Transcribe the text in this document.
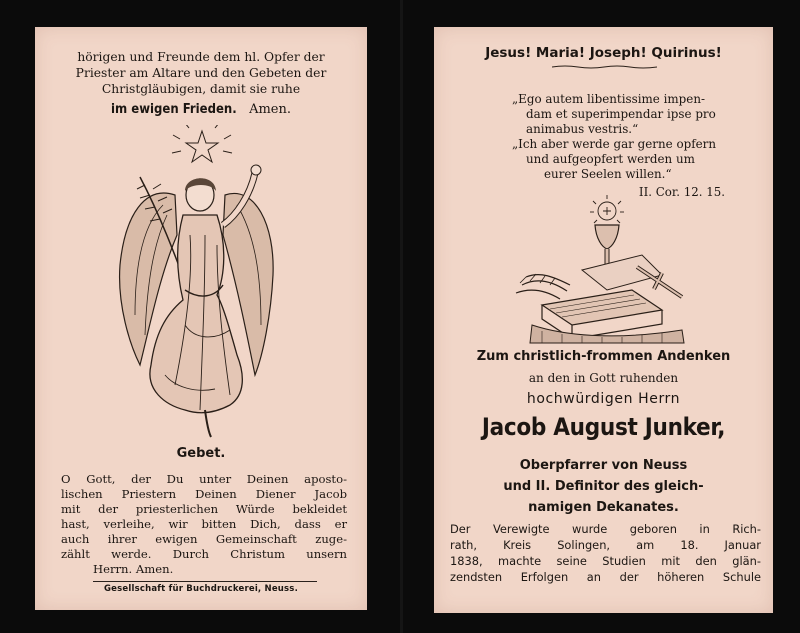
hörigen und Freunde dem hl. Opfer der
Priester am Altare und den Gebeten der
Christgläubigen, damit sie ruhe
im ewigen Frieden. Amen.
Gebet.
O Gott, der Du unter Deinen aposto-
lischen Priestern Deinen Diener Jacob
mit der priesterlichen Würde bekleidet
hast, verleihe, wir bitten Dich, dass er
auch ihrer ewigen Gemeinschaft zuge-
zählt werde. Durch Christum unsern
Herrn. Amen.
Gesellschaft für Buchdruckerei, Neuss.
Jesus! Maria! Joseph! Quirinus!
„Ego autem libentissime impen-
dam et superimpendar ipse pro
animabus vestris.“
„Ich aber werde gar gerne opfern
und aufgeopfert werden um
eurer Seelen willen.“
II. Cor. 12. 15.
Zum christlich-frommen Andenken
an den in Gott ruhenden
hochwürdigen Herrn
Jacob August Junker,
Oberpfarrer von Neuss
und II. Definitor des gleich-
namigen Dekanates.
Der Verewigte wurde geboren in Rich-
rath, Kreis Solingen, am 18. Januar
1838, machte seine Studien mit den glän-
zendsten Erfolgen an der höheren Schule
